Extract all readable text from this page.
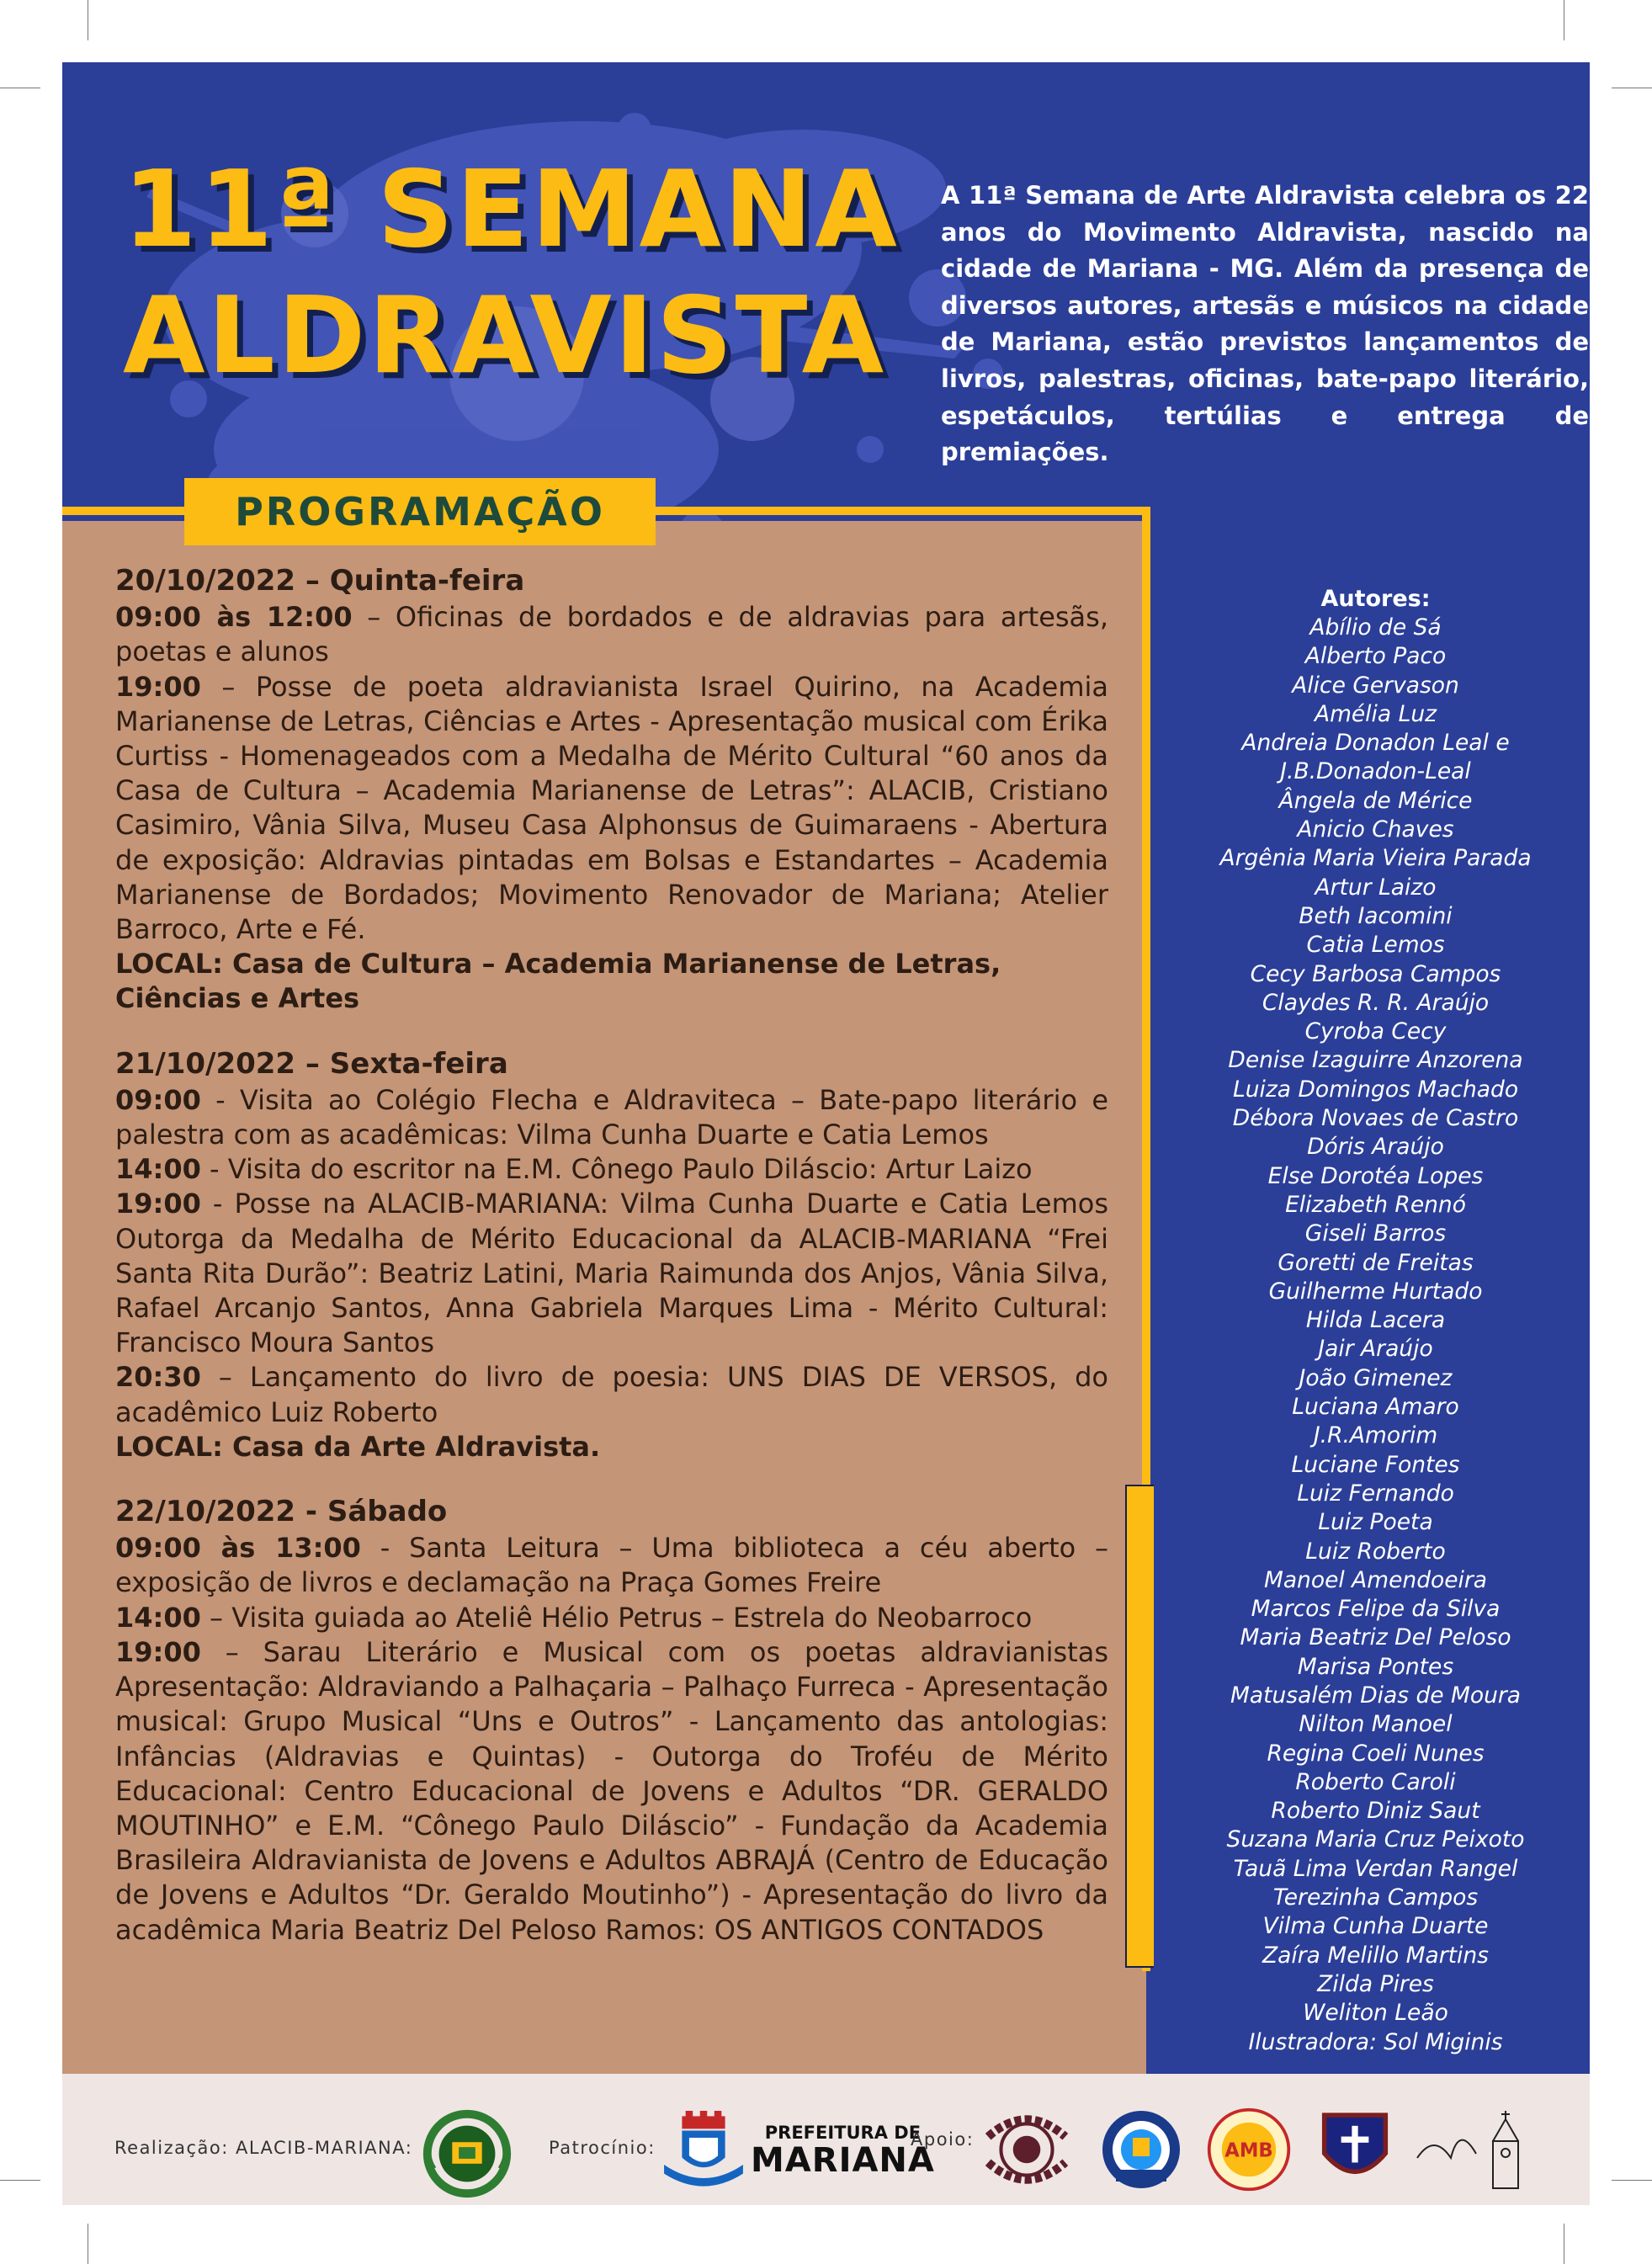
11ª SEMANA
ALDRAVISTA

A 11ª Semana de Arte Aldravista celebra os 22 anos do Movimento Aldravista, nascido na cidade de Mariana - MG. Além da presença de diversos autores, artesãs e músicos na cidade de Mariana, estão previstos lançamentos de livros, palestras, oficinas, bate-papo literário, espetáculos, tertúlias e entrega de premiações.

PROGRAMAÇÃO
20/10/2022 – Quinta-feira
09:00 às 12:00 – Oficinas de bordados e de aldravias para artesãs, poetas e alunos
19:00 – Posse de poeta aldravianista Israel Quirino, na Academia Marianense de Letras, Ciências e Artes - Apresentação musical com Érika Curtiss - Homenageados com a Medalha de Mérito Cultural “60 anos da Casa de Cultura – Academia Marianense de Letras”: ALACIB, Cristiano Casimiro, Vânia Silva, Museu Casa Alphonsus de Guimaraens - Abertura de exposição: Aldravias pintadas em Bolsas e Estandartes – Academia Marianense de Bordados; Movimento Renovador de Mariana; Atelier Barroco, Arte e Fé.
LOCAL: Casa de Cultura – Academia Marianense de Letras, Ciências e Artes
21/10/2022 – Sexta-feira
09:00 - Visita ao Colégio Flecha e Aldraviteca – Bate-papo literário e palestra com as acadêmicas: Vilma Cunha Duarte e Catia Lemos
14:00 - Visita do escritor na E.M. Cônego Paulo Diláscio: Artur Laizo
19:00 - Posse na ALACIB-MARIANA: Vilma Cunha Duarte e Catia Lemos Outorga da Medalha de Mérito Educacional da ALACIB-MARIANA “Frei Santa Rita Durão”: Beatriz Latini, Maria Raimunda dos Anjos, Vânia Silva, Rafael Arcanjo Santos, Anna Gabriela Marques Lima - Mérito Cultural: Francisco Moura Santos
20:30 – Lançamento do livro de poesia: UNS DIAS DE VERSOS, do acadêmico Luiz Roberto
LOCAL: Casa da Arte Aldravista.
22/10/2022 - Sábado
09:00 às 13:00 - Santa Leitura – Uma biblioteca a céu aberto – exposição de livros e declamação na Praça Gomes Freire
14:00 – Visita guiada ao Ateliê Hélio Petrus – Estrela do Neobarroco
19:00 – Sarau Literário e Musical com os poetas aldravianistas Apresentação: Aldraviando a Palhaçaria – Palhaço Furreca - Apresentação musical: Grupo Musical “Uns e Outros” - Lançamento das antologias: Infâncias (Aldravias e Quintas) - Outorga do Troféu de Mérito Educacional: Centro Educacional de Jovens e Adultos “DR. GERALDO MOUTINHO” e E.M. “Cônego Paulo Diláscio” - Fundação da Academia Brasileira Aldravianista de Jovens e Adultos ABRAJÁ (Centro de Educação de Jovens e Adultos “Dr. Geraldo Moutinho”) - Apresentação do livro da acadêmica Maria Beatriz Del Peloso Ramos: OS ANTIGOS CONTADOS
Autores:
Abílio de Sá
Alberto Paco
Alice Gervason
Amélia Luz
Andreia Donadon Leal e J.B.Donadon-Leal
Ângela de Mérice
Anicio Chaves
Argênia Maria Vieira Parada
Artur Laizo
Beth Iacomini
Catia Lemos
Cecy Barbosa Campos
Claydes R. R. Araújo
Cyroba Cecy
Denise Izaguirre Anzorena
Luiza Domingos Machado
Débora Novaes de Castro
Dóris Araújo
Else Dorotéa Lopes
Elizabeth Rennó
Giseli Barros
Goretti de Freitas
Guilherme Hurtado
Hilda Lacera
Jair Araújo
João Gimenez
Luciana Amaro
J.R.Amorim
Luciane Fontes
Luiz Fernando
Luiz Poeta
Luiz Roberto
Manoel Amendoeira
Marcos Felipe da Silva
Maria Beatriz Del Peloso
Marisa Pontes
Matusalém Dias de Moura
Nilton Manoel
Regina Coeli Nunes
Roberto Caroli
Roberto Diniz Saut
Suzana Maria Cruz Peixoto
Tauã Lima Verdan Rangel
Terezinha Campos
Vilma Cunha Duarte
Zaíra Melillo Martins
Zilda Pires
Weliton Leão
Ilustradora: Sol Miginis
Realização: ALACIB-MARIANA:	Patrocínio:
PREFEITURA DE
MARIANA
Apoio:
AMB
